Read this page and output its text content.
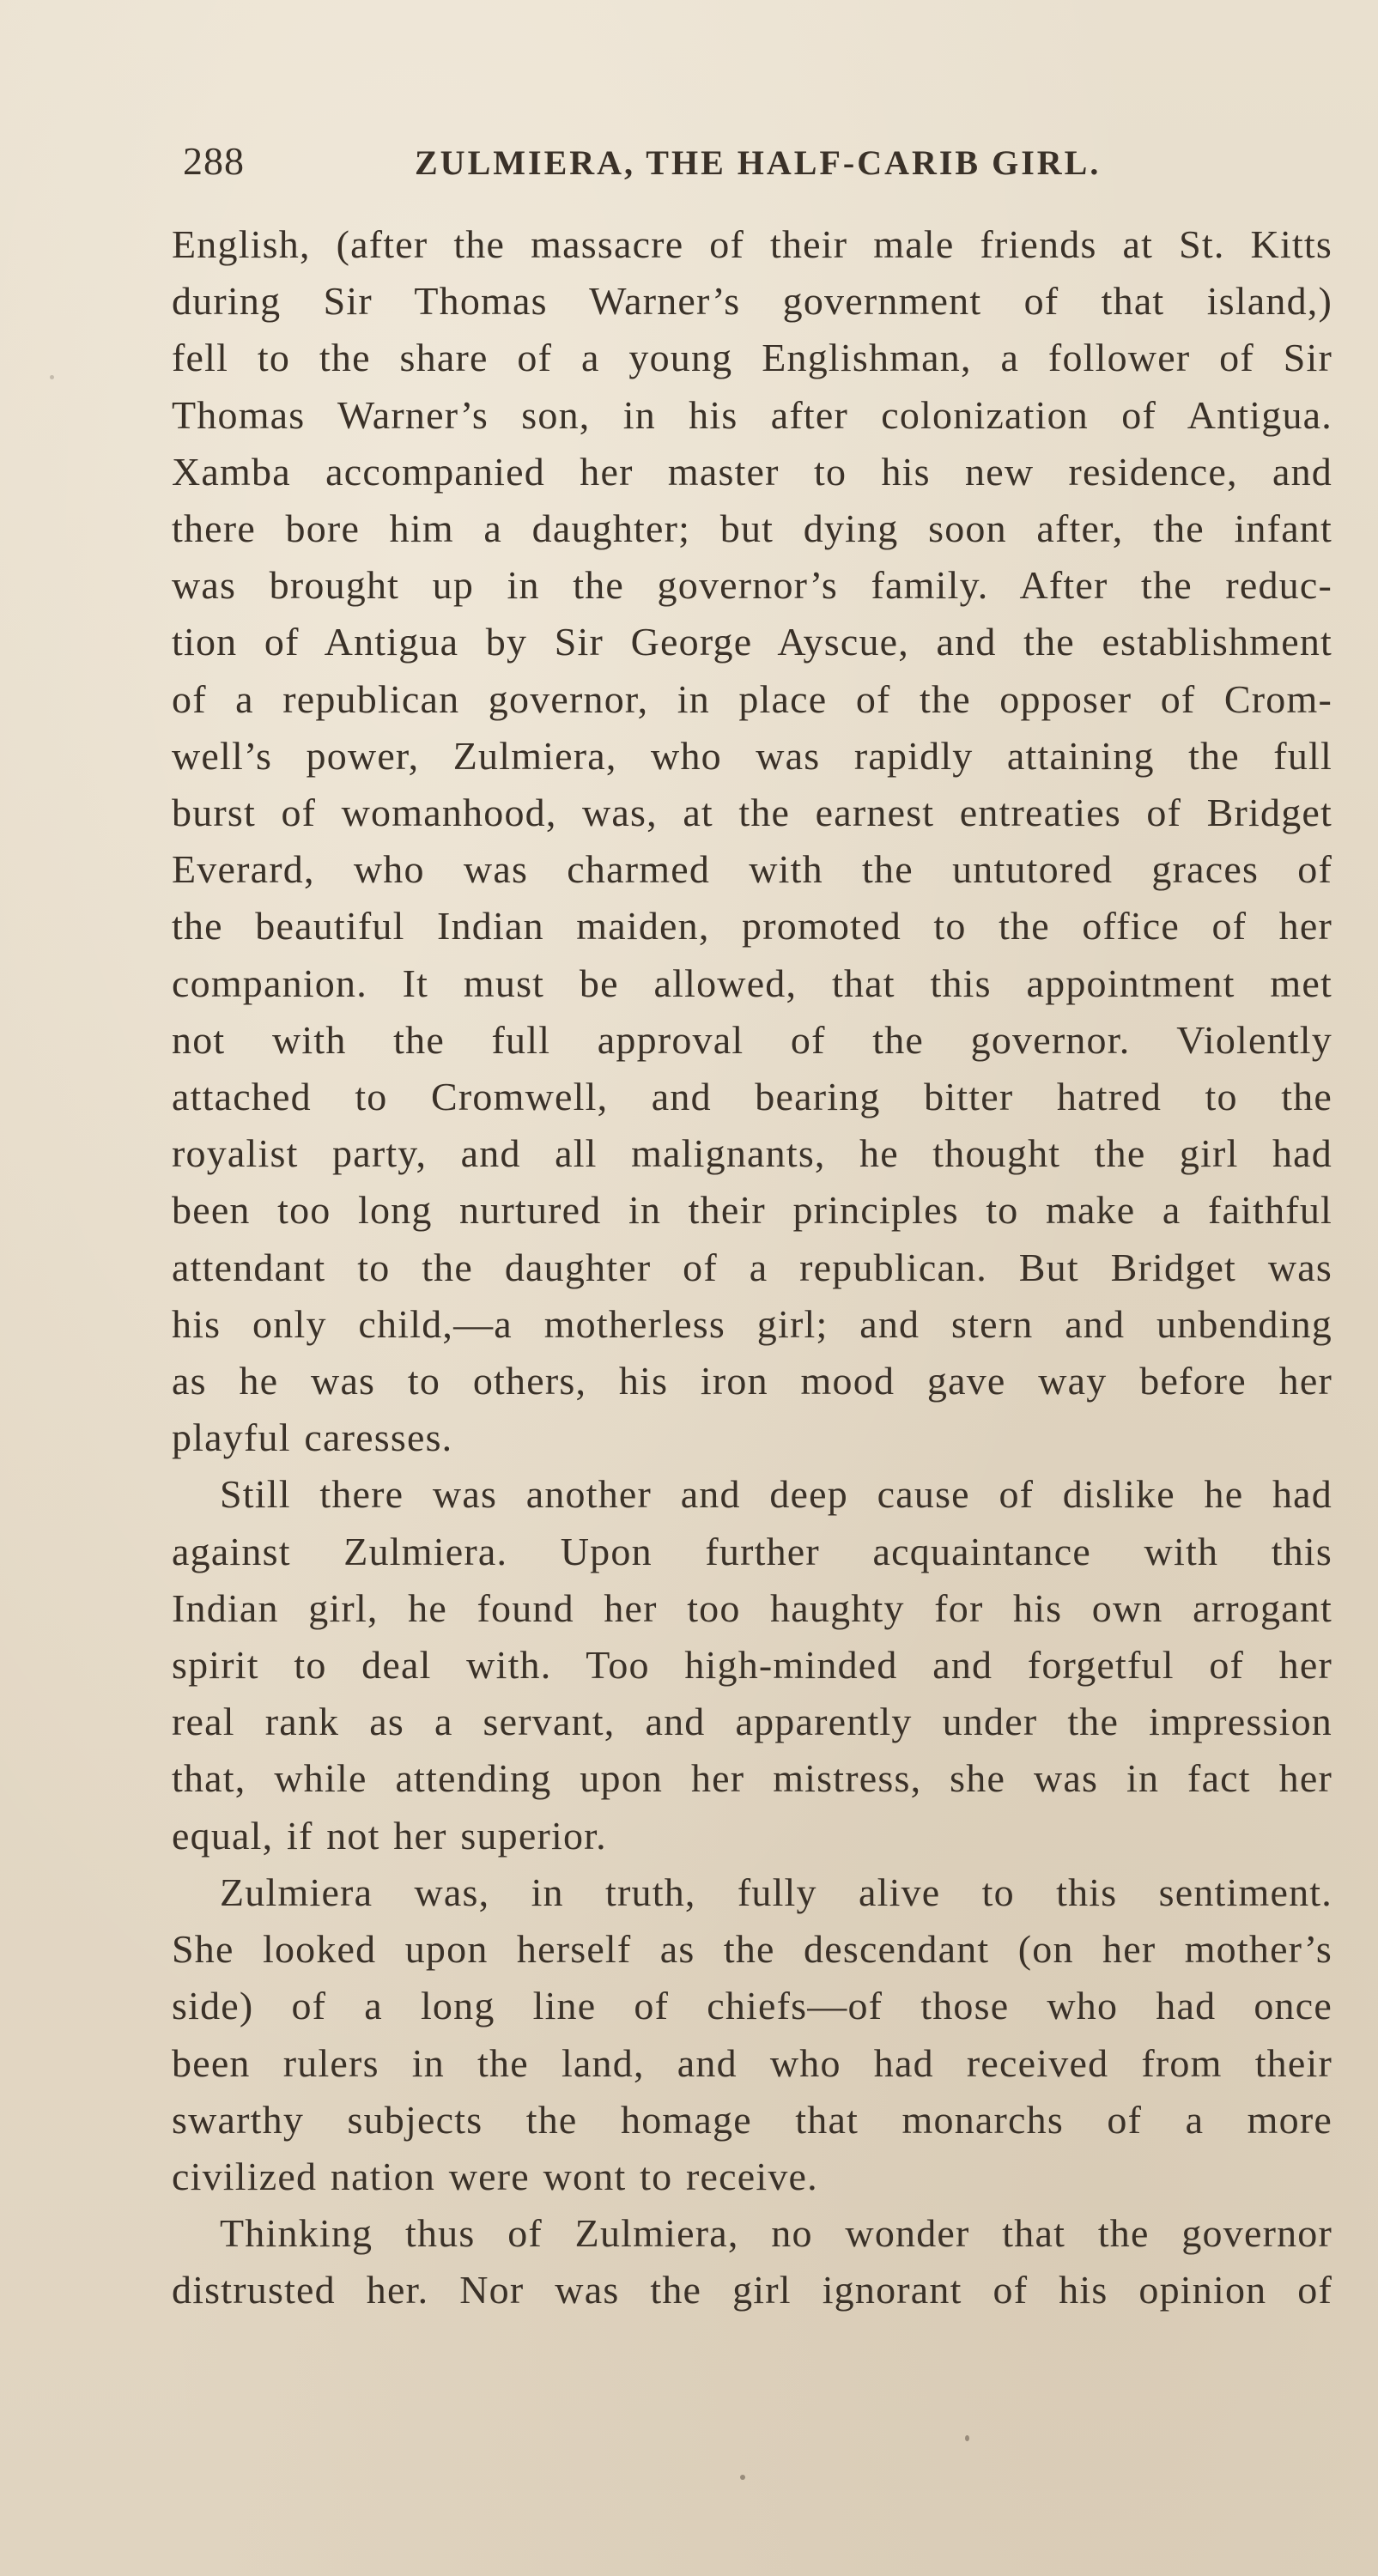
288	ZULMIERA, THE HALF-CARIB GIRL.
English, (after the massacre of their male friends at St. Kitts
during Sir Thomas Warner’s government of that island,)
fell to the share of a young Englishman, a follower of Sir
Thomas Warner’s son, in his after colonization of Antigua.
Xamba accompanied her master to his new residence, and
there bore him a daughter; but dying soon after, the infant
was brought up in the governor’s family. After the reduc-
tion of Antigua by Sir George Ayscue, and the establishment
of a republican governor, in place of the opposer of Crom-
well’s power, Zulmiera, who was rapidly attaining the full
burst of womanhood, was, at the earnest entreaties of Bridget
Everard, who was charmed with the untutored graces of
the beautiful Indian maiden, promoted to the office of her
companion. It must be allowed, that this appointment met
not with the full approval of the governor. Violently
attached to Cromwell, and bearing bitter hatred to the
royalist party, and all malignants, he thought the girl had
been too long nurtured in their principles to make a faithful
attendant to the daughter of a republican. But Bridget was
his only child,—a motherless girl; and stern and unbending
as he was to others, his iron mood gave way before her
playful caresses.
Still there was another and deep cause of dislike he had
against Zulmiera. Upon further acquaintance with this
Indian girl, he found her too haughty for his own arrogant
spirit to deal with. Too high-minded and forgetful of her
real rank as a servant, and apparently under the impression
that, while attending upon her mistress, she was in fact her
equal, if not her superior.
Zulmiera was, in truth, fully alive to this sentiment.
She looked upon herself as the descendant (on her mother’s
side) of a long line of chiefs—of those who had once
been rulers in the land, and who had received from their
swarthy subjects the homage that monarchs of a more
civilized nation were wont to receive.
Thinking thus of Zulmiera, no wonder that the governor
distrusted her. Nor was the girl ignorant of his opinion of
